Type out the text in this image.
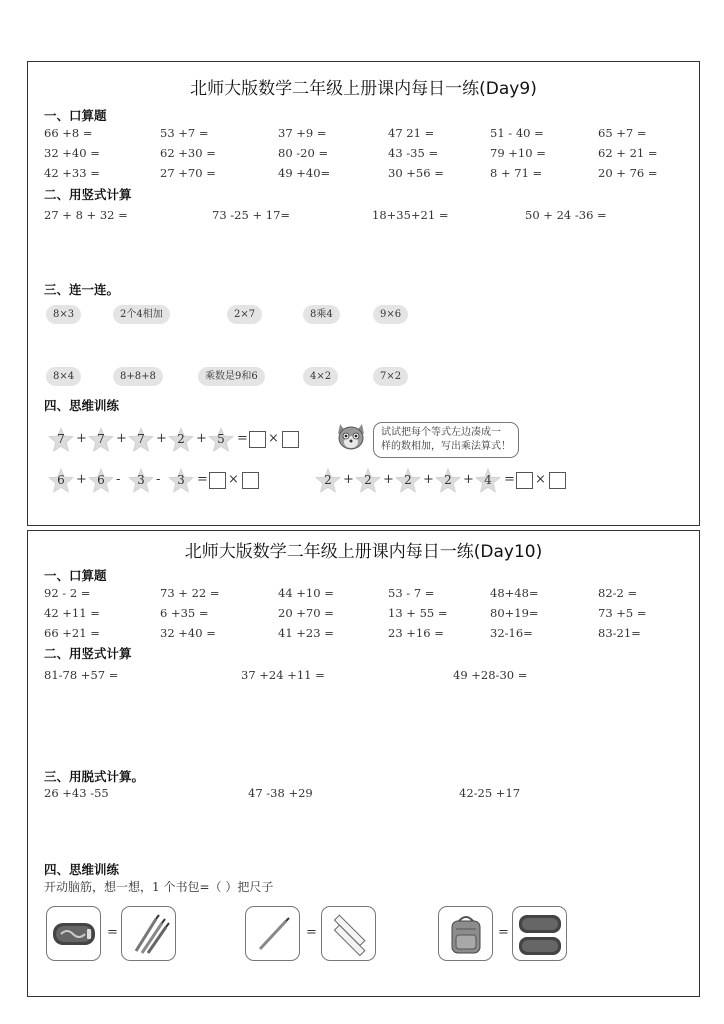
北师大版数学二年级上册课内每日一练(Day9)
一、口算题
66 +8 =	53 +7 =	37 +9 =	47 21 =	51 - 40 =	65 +7 =
32 +40 =	62 +30 =	80 -20 =	43 -35 =	79 +10 =	62 + 21 =
42 +33 =	27 +70 =	49 +40=	30 +56 =	8 + 71 =	20 + 76 =
二、用竖式计算
27 + 8 + 32 =	73 -25 + 17=	18+35+21 =	50 + 24 -36 =
三、连一连。
8×3	2个4相加	2×7	8乘4	9×6
8×4	8+8+8	乘数是9和6	4×2	7×2
四、思维训练
7 + 7 + 7 + 2 + 5 = ×
6 + 6 -	3 -	3 = ×	2 + 2 + 2 + 2 + 4 = ×
试试把每个等式左边凑成一
样的数相加，写出乘法算式！
北师大版数学二年级上册课内每日一练(Day10)
一、口算题
92 - 2 =	73 + 22 =	44 +10 =	53 - 7 =	48+48=	82-2 =
42 +11 =	6 +35 =	20 +70 =	13 + 55 =	80+19=	73 +5 =
66 +21 =	32 +40 =	41 +23 =	23 +16 =	32-16=	83-21=
二、用竖式计算
81-78 +57 =	37 +24 +11 =	49 +28-30 =
三、用脱式计算。
26 +43 -55	47 -38 +29	42-25 +17
四、思维训练
开动脑筋，想一想，1 个书包=（ ）把尺子
=	=	=
